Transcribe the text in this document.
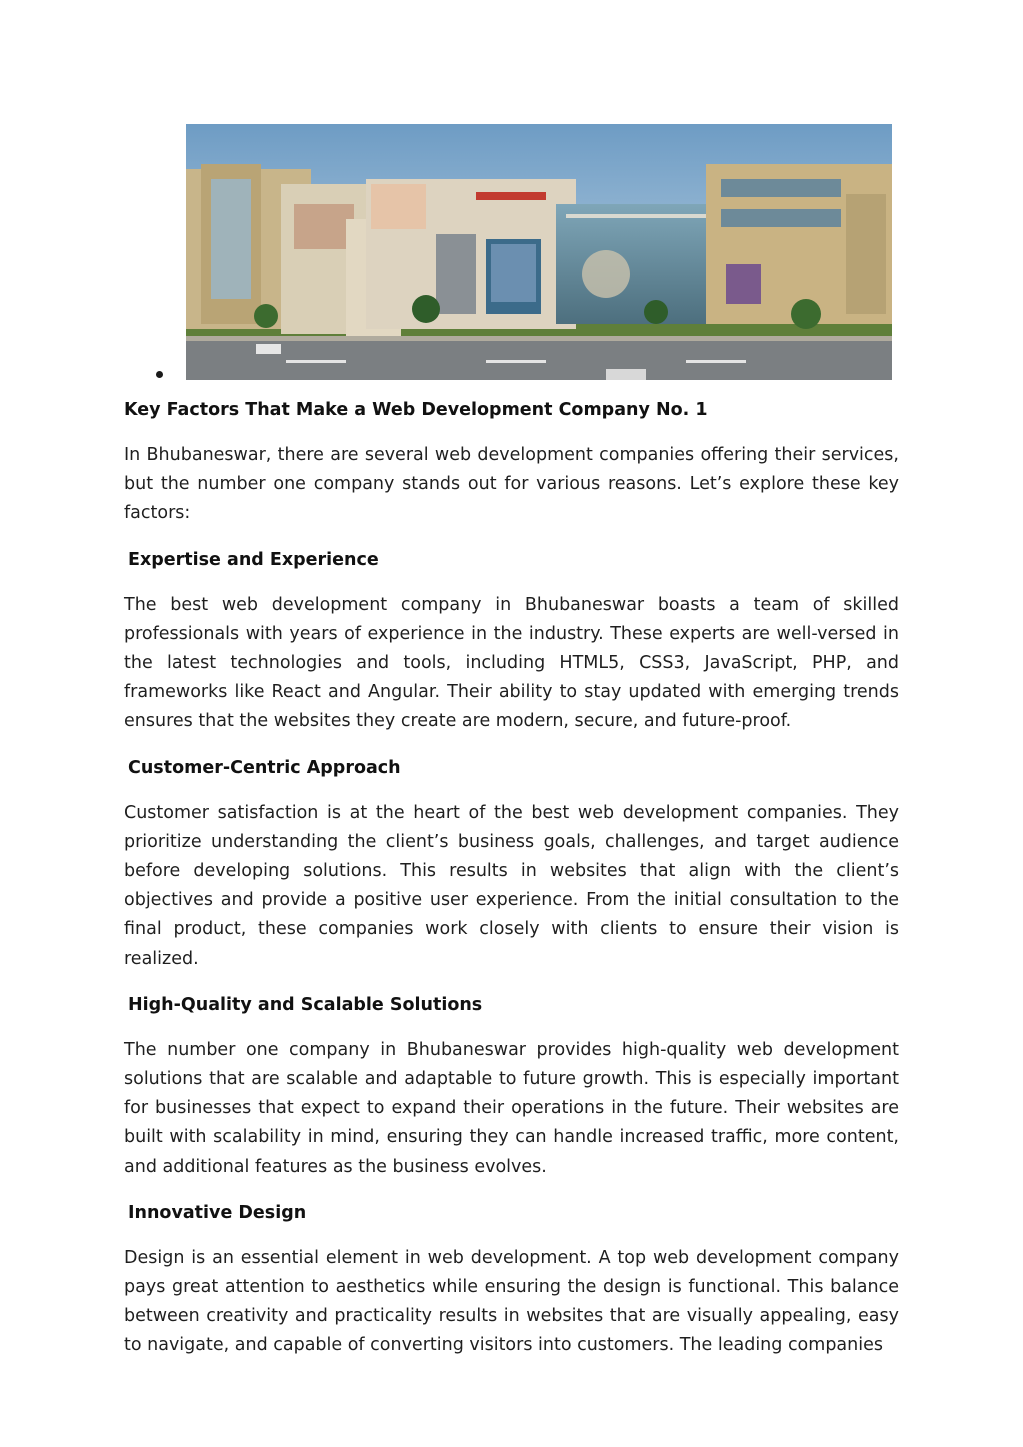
Key Factors That Make a Web Development Company No. 1

In Bhubaneswar, there are several web development companies offering their services, but the number one company stands out for various reasons. Let’s explore these key factors:

Expertise and Experience

The best web development company in Bhubaneswar boasts a team of skilled professionals with years of experience in the industry. These experts are well-versed in the latest technologies and tools, including HTML5, CSS3, JavaScript, PHP, and frameworks like React and Angular. Their ability to stay updated with emerging trends ensures that the websites they create are modern, secure, and future-proof.

Customer-Centric Approach

Customer satisfaction is at the heart of the best web development companies. They prioritize understanding the client’s business goals, challenges, and target audience before developing solutions. This results in websites that align with the client’s objectives and provide a positive user experience. From the initial consultation to the final product, these companies work closely with clients to ensure their vision is realized.

High-Quality and Scalable Solutions

The number one company in Bhubaneswar provides high-quality web development solutions that are scalable and adaptable to future growth. This is especially important for businesses that expect to expand their operations in the future. Their websites are built with scalability in mind, ensuring they can handle increased traffic, more content, and additional features as the business evolves.

Innovative Design

Design is an essential element in web development. A top web development company pays great attention to aesthetics while ensuring the design is functional. This balance between creativity and practicality results in websites that are visually appealing, easy to navigate, and capable of converting visitors into customers. The leading companies
